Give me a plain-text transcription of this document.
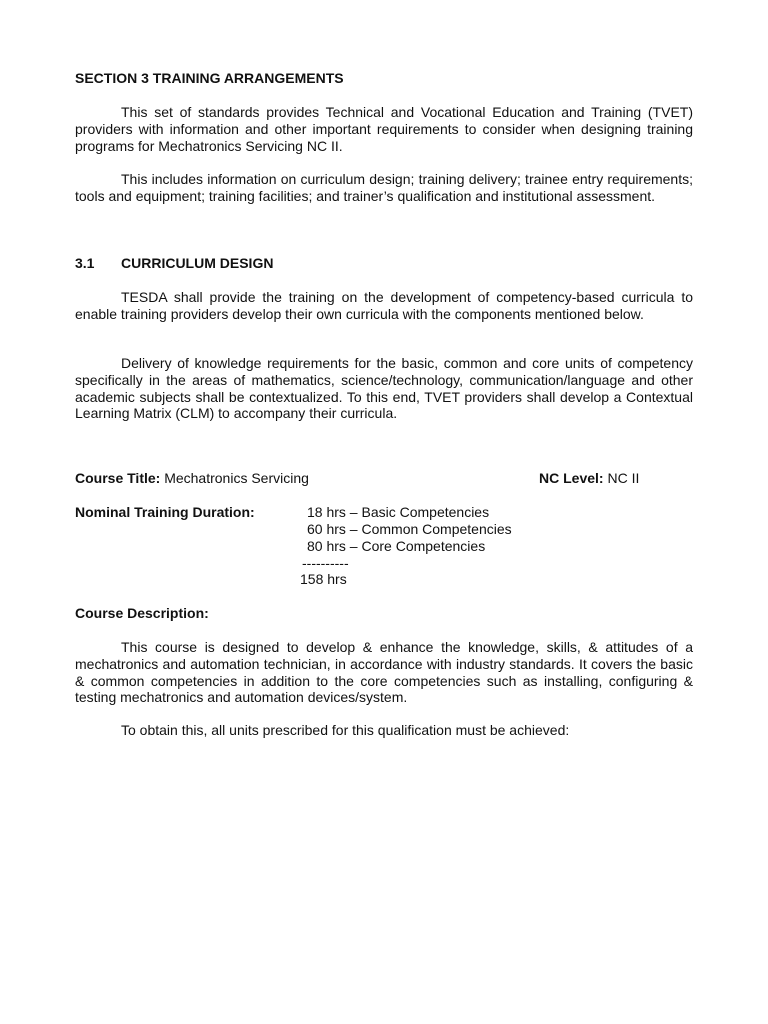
SECTION 3 TRAINING ARRANGEMENTS

This set of standards provides Technical and Vocational Education and Training (TVET) providers with information and other important requirements to consider when designing training programs for Mechatronics Servicing NC II.

This includes information on curriculum design; training delivery; trainee entry requirements; tools and equipment; training facilities; and trainer’s qualification and institutional assessment.

3.1 CURRICULUM DESIGN

TESDA shall provide the training on the development of competency-based curricula to enable training providers develop their own curricula with the components mentioned below.

Delivery of knowledge requirements for the basic, common and core units of competency specifically in the areas of mathematics, science/technology, communication/language and other academic subjects shall be contextualized. To this end, TVET providers shall develop a Contextual Learning Matrix (CLM) to accompany their curricula.

Course Title: Mechatronics Servicing	NC Level: NC II

Nominal Training Duration:	18 hrs – Basic Competencies

60 hrs – Common Competencies

80 hrs – Core Competencies

----------

158 hrs

Course Description:

This course is designed to develop & enhance the knowledge, skills, & attitudes of a mechatronics and automation technician, in accordance with industry standards. It covers the basic & common competencies in addition to the core competencies such as installing, configuring & testing mechatronics and automation devices/system.

To obtain this, all units prescribed for this qualification must be achieved:
